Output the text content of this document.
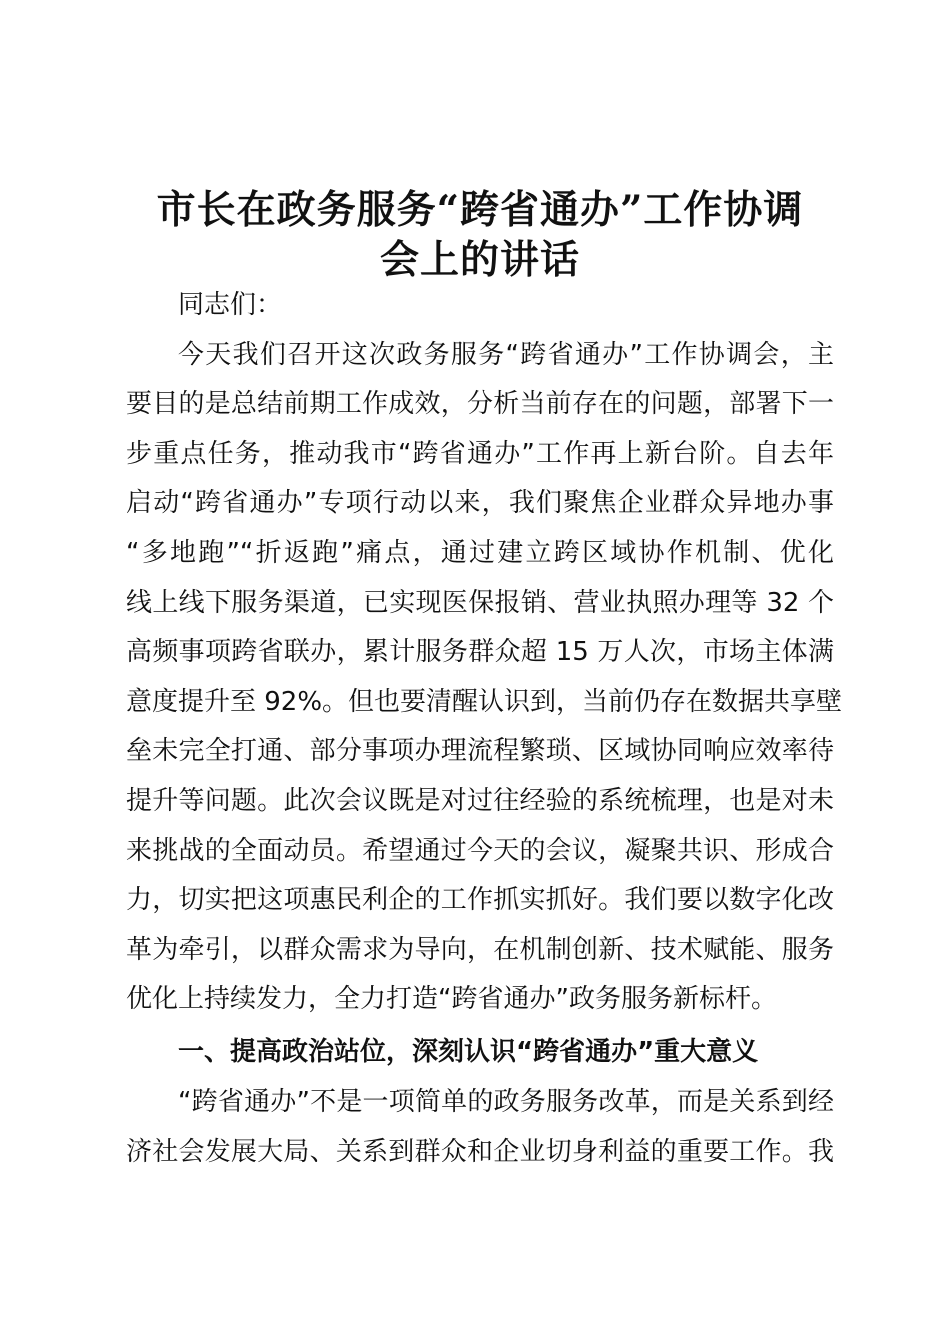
市长在政务服务“跨省通办”工作协调
会上的讲话

同志们：

今天我们召开这次政务服务“跨省通办”工作协调会，主

要目的是总结前期工作成效，分析当前存在的问题，部署下一

步重点任务，推动我市“跨省通办”工作再上新台阶。自去年

启动“跨省通办”专项行动以来，我们聚焦企业群众异地办事

“多地跑”“折返跑”痛点，通过建立跨区域协作机制、优化

线上线下服务渠道，已实现医保报销、营业执照办理等 32 个

高频事项跨省联办，累计服务群众超 15 万人次，市场主体满

意度提升至 92%。但也要清醒认识到，当前仍存在数据共享壁

垒未完全打通、部分事项办理流程繁琐、区域协同响应效率待

提升等问题。此次会议既是对过往经验的系统梳理，也是对未

来挑战的全面动员。希望通过今天的会议，凝聚共识、形成合

力，切实把这项惠民利企的工作抓实抓好。我们要以数字化改

革为牵引，以群众需求为导向，在机制创新、技术赋能、服务

优化上持续发力，全力打造“跨省通办”政务服务新标杆。

一、提高政治站位，深刻认识“跨省通办”重大意义

“跨省通办”不是一项简单的政务服务改革，而是关系到经

济社会发展大局、关系到群众和企业切身利益的重要工作。我
